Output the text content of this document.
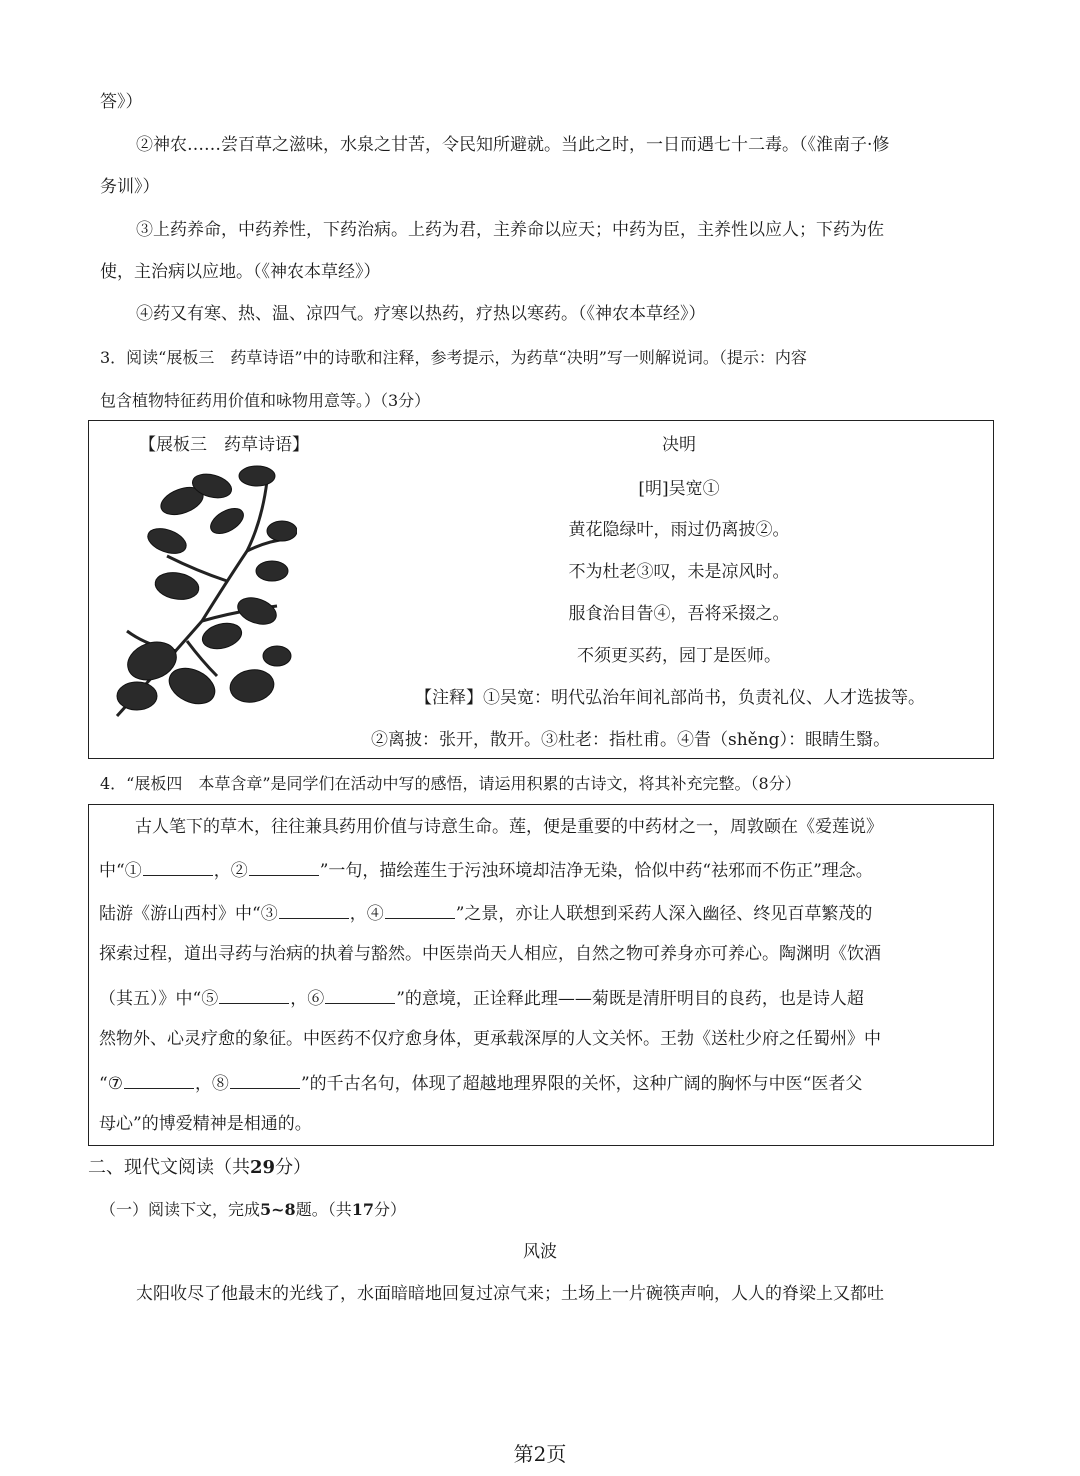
答》）
②神农……尝百草之滋味，水泉之甘苦，令民知所避就。当此之时，一日而遇七十二毒。（《淮南子·修
务训》）
③上药养命，中药养性，下药治病。上药为君，主养命以应天；中药为臣，主养性以应人；下药为佐
使，主治病以应地。（《神农本草经》）
④药又有寒、热、温、凉四气。疗寒以热药，疗热以寒药。（《神农本草经》）
3．阅读“展板三　药草诗语”中的诗歌和注释，参考提示，为药草“决明”写一则解说词。（提示：内容
包含植物特征药用价值和咏物用意等。）（3分）
【展板三　药草诗语】	决明
[明]吴宽①
黄花隐绿叶，雨过仍离披②。
不为杜老③叹，未是凉风时。
服食治目眚④，吾将采掇之。
不须更买药，园丁是医师。
【注释】①吴宽：明代弘治年间礼部尚书，负责礼仪、人才选拔等。
②离披：张开，散开。③杜老：指杜甫。④眚（shěng）：眼睛生翳。
4．“展板四　本草含章”是同学们在活动中写的感悟，请运用积累的古诗文，将其补充完整。（8分）
古人笔下的草木，往往兼具药用价值与诗意生命。莲，便是重要的中药材之一，周敦颐在《爱莲说》
中“①	，②	”一句，描绘莲生于污浊环境却洁净无染，恰似中药“祛邪而不伤正”理念。
陆游《游山西村》中“③	，④	”之景，亦让人联想到采药人深入幽径、终见百草繁茂的
探索过程，道出寻药与治病的执着与豁然。中医崇尚天人相应，自然之物可养身亦可养心。陶渊明《饮酒
（其五）》中“⑤	，⑥	”的意境，正诠释此理——菊既是清肝明目的良药，也是诗人超
然物外、心灵疗愈的象征。中医药不仅疗愈身体，更承载深厚的人文关怀。王勃《送杜少府之任蜀州》中
“⑦	，⑧	”的千古名句，体现了超越地理界限的关怀，这种广阔的胸怀与中医“医者父
母心”的博爱精神是相通的。
二、现代文阅读（共29分）
（一）阅读下文，完成5~8题。（共17分）
风波
太阳收尽了他最末的光线了，水面暗暗地回复过凉气来；土场上一片碗筷声响，人人的脊梁上又都吐
第2页
